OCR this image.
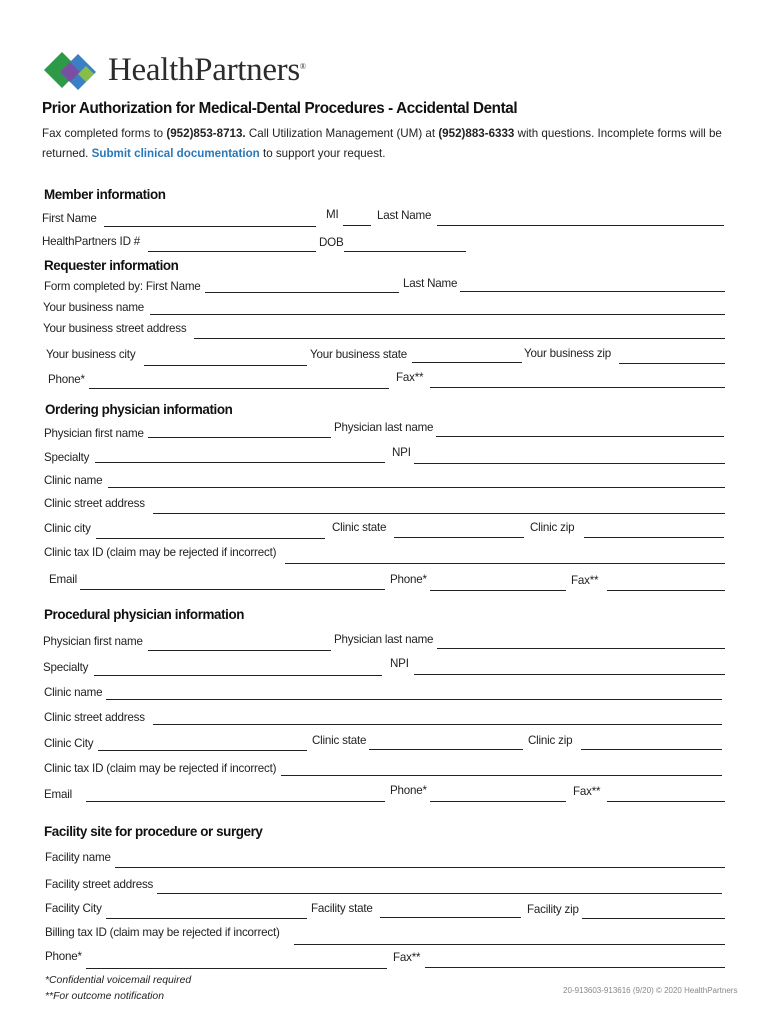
HealthPartners®
Prior Authorization for Medical-Dental Procedures - Accidental Dental
Fax completed forms to (952)853-8713. Call Utilization Management (UM) at (952)883-6333 with questions. Incomplete forms will be returned. Submit clinical documentation to support your request.
Member information
First Name	MI	Last Name
HealthPartners ID #	DOB
Requester information
Form completed by: First Name	Last Name
Your business name
Your business street address
Your business city	Your business state	Your business zip
Phone*	Fax**
Ordering physician information
Physician first name	Physician last name
Specialty	NPI
Clinic name
Clinic street address
Clinic city	Clinic state	Clinic zip
Clinic tax ID (claim may be rejected if incorrect)
Email	Phone*	Fax**
Procedural physician information
Physician first name	Physician last name
Specialty	NPI
Clinic name
Clinic street address
Clinic City	Clinic state	Clinic zip
Clinic tax ID (claim may be rejected if incorrect)
Email	Phone*	Fax**
Facility site for procedure or surgery
Facility name
Facility street address
Facility City	Facility state	Facility zip
Billing tax ID (claim may be rejected if incorrect)
Phone*	Fax**
*Confidential voicemail required
**For outcome notification
20-913603-913616 (9/20) © 2020 HealthPartners
